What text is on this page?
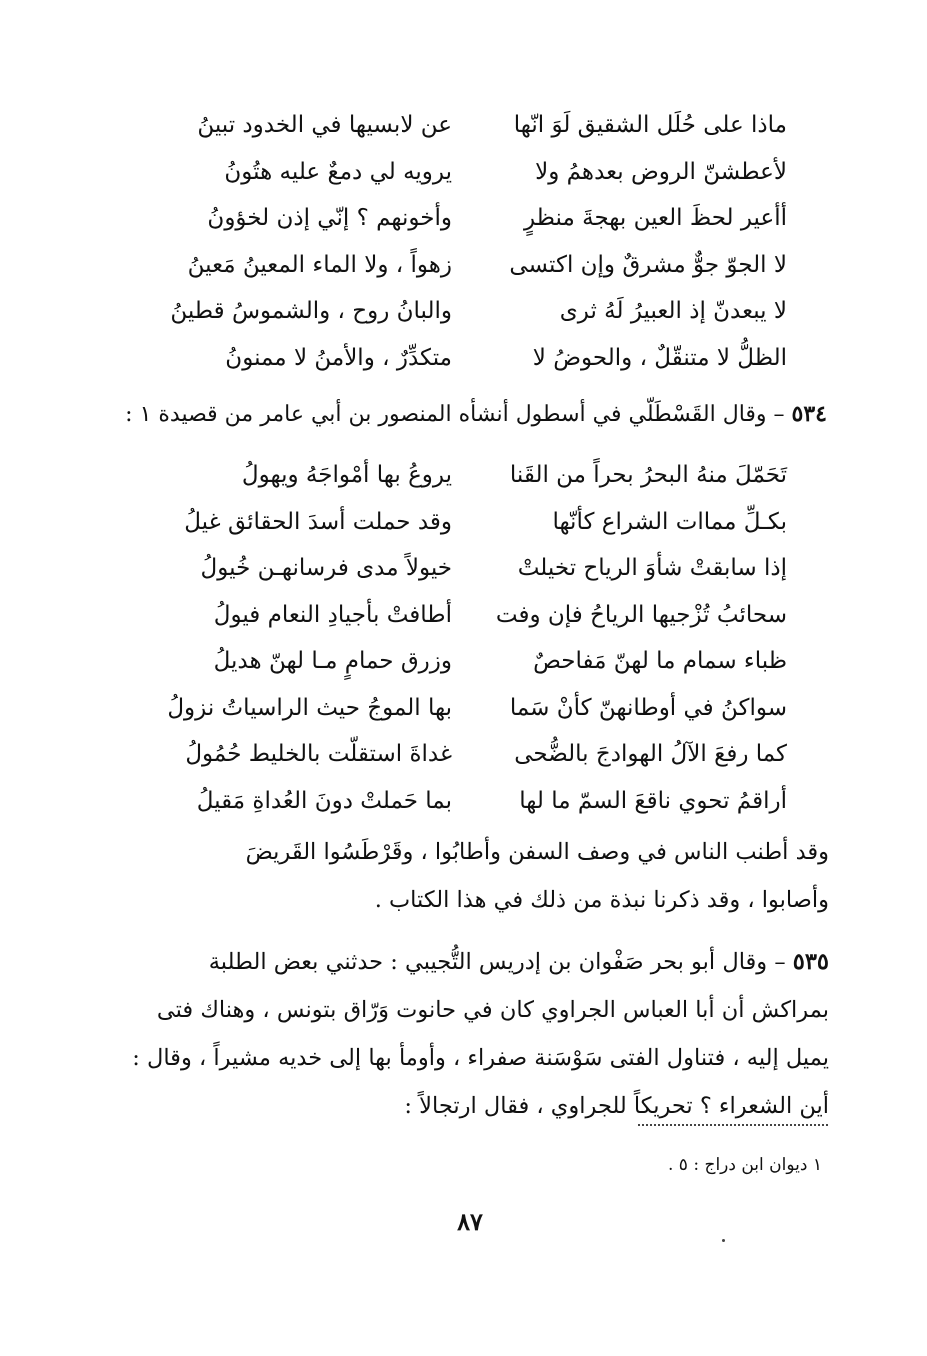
ماذا على حُلَل الشقيق لَوَ انّها
عن لابسيها في الخدود تبينُ
لأعطشنّ الروض بعدهمُ ولا
يرويه لي دمعٌ عليه هتُونُ
أأعير لحظَ العين بهجةَ منظرٍ
وأخونهم ؟ إنّي إذن لخؤونُ
لا الجوّ جوٌّ مشرقٌ وإن اكتسى
زهواً ، ولا الماء المعينُ مَعينُ
لا يبعدنّ إذ العبيرُ لَهُ ثرى
والبانُ روح ، والشموسُ قطينُ
الظلُّ لا متنقّلٌ ، والحوضُ لا
متكدِّرٌ ، والأمنُ لا ممنونُ
٥٣٤ – وقال القَسْطَلّي في أسطول أنشأه المنصور بن أبي عامر من قصيدة ١ :
تَحَمّلَ منهُ البحرُ بحراً من القَنا
يروعُ بها أمْواجَهُ ويهولُ
بكـلِّ مماات الشراع كأنّها
وقد حملت أسدَ الحقائق غيلُ
إذا سابقتْ شأوَ الرياح تخيلتْ
خيولاً مدى فرسانهـن خُيولُ
سحائبُ تُزْجيها الرياحُ فإن وفت
أطافتْ بأجيادِ النعام فيولُ
ظباء سمام ما لهنّ مَفاحصٌ
وزرق حمامٍ مـا لهنّ هديلُ
سواكنُ في أوطانهنّ كأنْ سَما
بها الموجُ حيث الراسياتُ نزولُ
كما رفعَ الآلُ الهوادجَ بالضُّحى
غداةَ استقلّت بالخليط حُمُولُ
أراقمُ تحوي ناقعَ السمّ ما لها
بما حَملتْ دونَ العُداةِ مَقيلُ
وقد أطنب الناس في وصف السفن وأطابُوا ، وقَرْطَسُوا القَريضَ
وأصابوا ، وقد ذكرنا نبذة من ذلك في هذا الكتاب .
٥٣٥ – وقال أبو بحر صَفْوان بن إدريس التُّجيبي : حدثني بعض الطلبة
بمراكش أن أبا العباس الجراوي كان في حانوت وَرّاق بتونس ، وهناك فتى
يميل إليه ، فتناول الفتى سَوْسَنة صفراء ، وأومأ بها إلى خديه مشيراً ، وقال :
أين الشعراء ؟ تحريكاً للجراوي ، فقال ارتجالاً :
١ ديوان ابن دراج : ٥ .
٨٧
